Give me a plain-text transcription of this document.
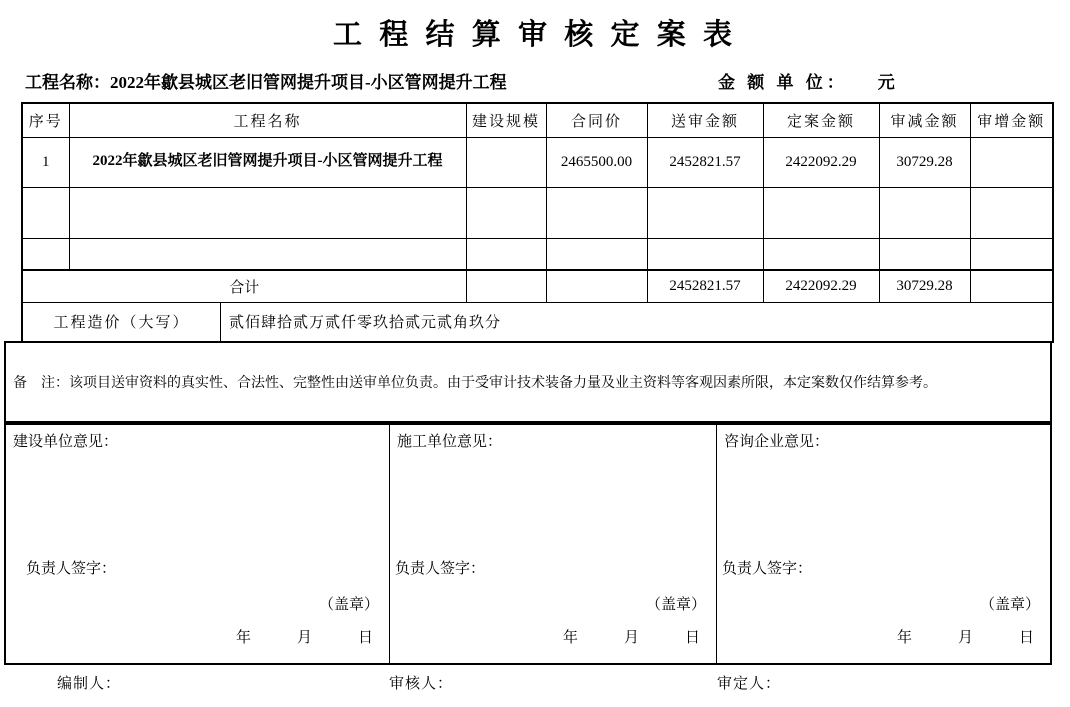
工 程 结 算 审 核 定 案 表
工程名称：2022年歙县城区老旧管网提升项目-小区管网提升工程	金 额 单 位： 元
序号	工程名称	建设规模	合同价	送审金额	定案金额	审减金额	审增金额
1	2022年歙县城区老旧管网提升项目-小区管网提升工程		2465500.00	2452821.57	2422092.29	30729.28	

合计				2452821.57	2422092.29	30729.28	

工程造价（大写） 贰佰肆拾贰万贰仟零玖拾贰元贰角玖分							
备　注：该项目送审资料的真实性、合法性、完整性由送审单位负责。由于受审计技术装备力量及业主资料等客观因素所限，本定案数仅作结算参考。
建设单位意见：
负责人签字：
（盖章）
年	月	日
施工单位意见：
负责人签字：
（盖章）
年	月	日
咨询企业意见：
负责人签字：
（盖章）
年	月	日
编制人：	审核人：	审定人：
